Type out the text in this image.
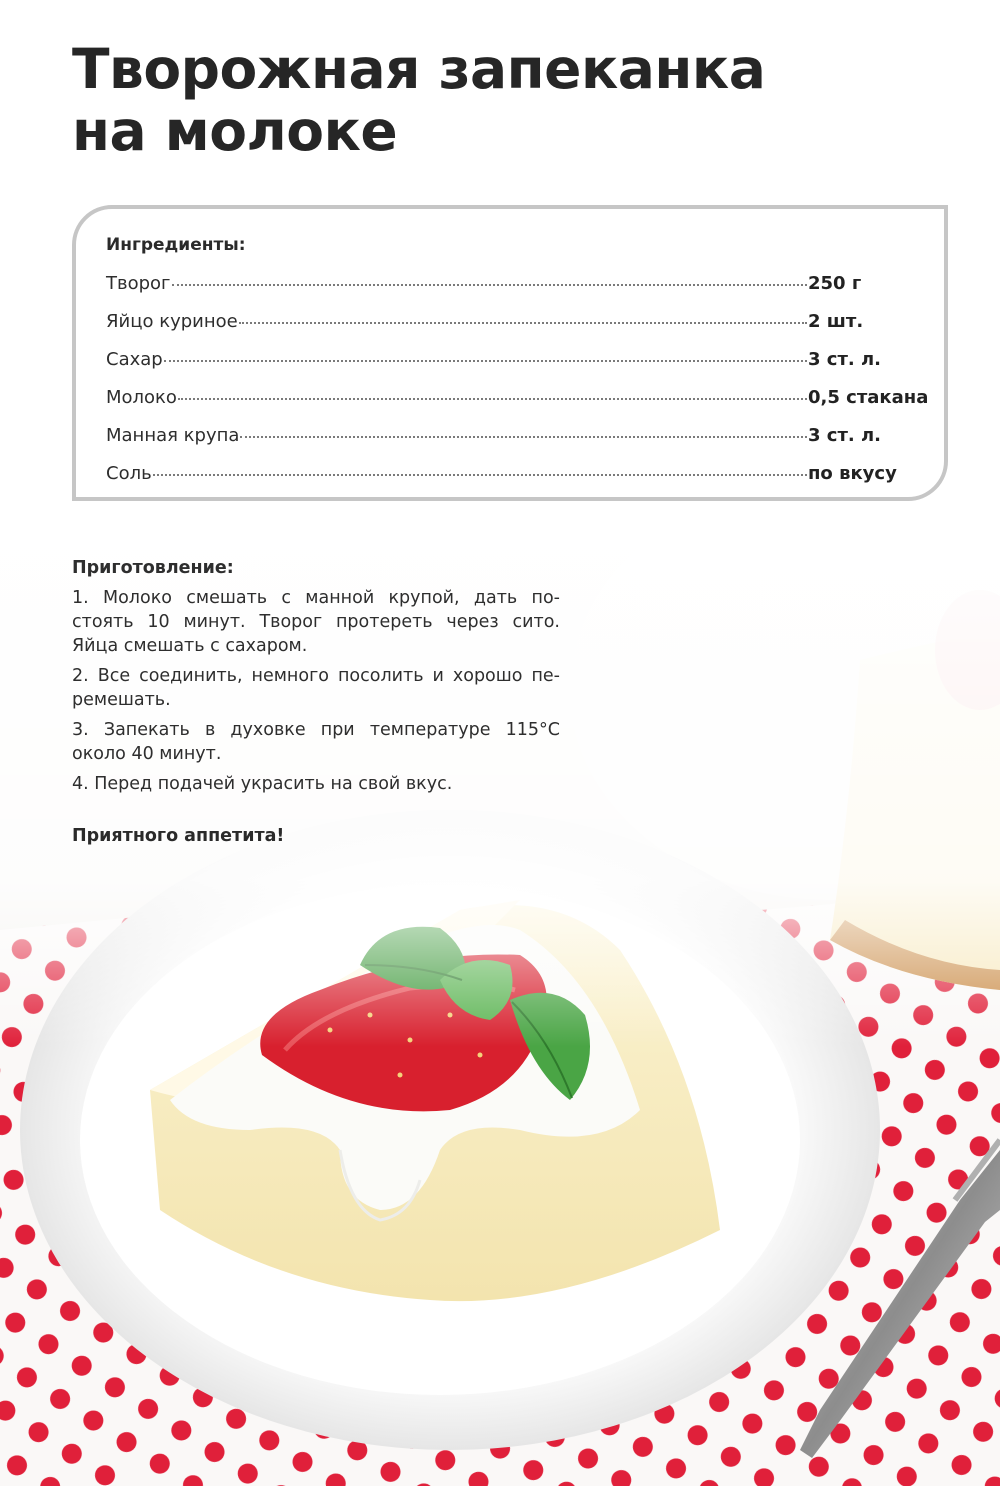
Творожная запеканка
на молоке
Ингредиенты:
Творог	250 г
Яйцо куриное	2 шт.
Сахар	3 ст. л.
Молоко	0,5 стакана
Манная крупа	3 ст. л.
Соль	по вкусу

Приготовление:

1. Молоко смешать с манной крупой, дать по-стоять 10 минут. Творог протереть через сито. Яйца смешать с сахаром.

2. Все соединить, немного посолить и хорошо пе-ремешать.

3. Запекать в духовке при температуре 115°С около 40 минут.

4. Перед подачей украсить на свой вкус.

Приятного аппетита!
